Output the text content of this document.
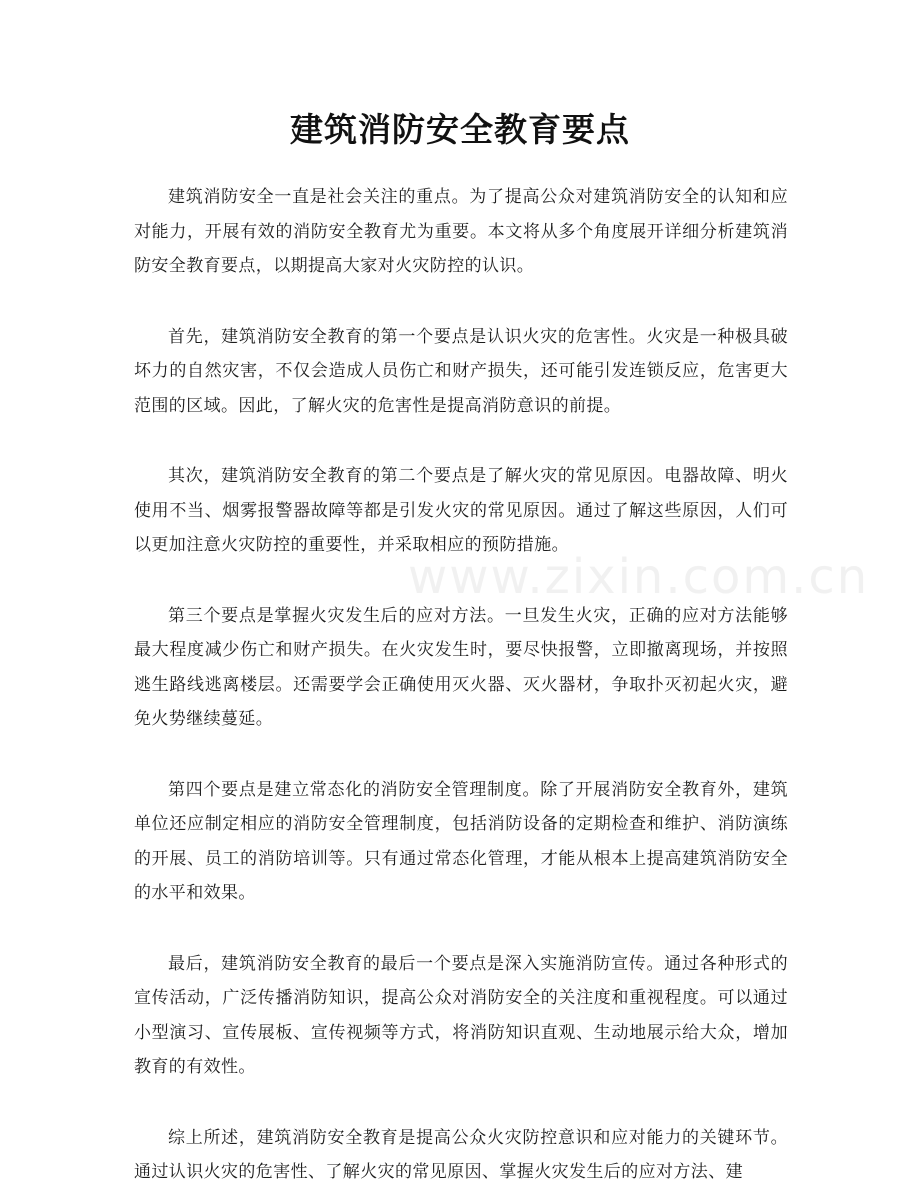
建筑消防安全教育要点

建筑消防安全一直是社会关注的重点。为了提高公众对建筑消防安全的认知和应对能力，开展有效的消防安全教育尤为重要。本文将从多个角度展开详细分析建筑消防安全教育要点，以期提高大家对火灾防控的认识。

首先，建筑消防安全教育的第一个要点是认识火灾的危害性。火灾是一种极具破坏力的自然灾害，不仅会造成人员伤亡和财产损失，还可能引发连锁反应，危害更大范围的区域。因此，了解火灾的危害性是提高消防意识的前提。

其次，建筑消防安全教育的第二个要点是了解火灾的常见原因。电器故障、明火使用不当、烟雾报警器故障等都是引发火灾的常见原因。通过了解这些原因，人们可以更加注意火灾防控的重要性，并采取相应的预防措施。

第三个要点是掌握火灾发生后的应对方法。一旦发生火灾，正确的应对方法能够最大程度减少伤亡和财产损失。在火灾发生时，要尽快报警，立即撤离现场，并按照逃生路线逃离楼层。还需要学会正确使用灭火器、灭火器材，争取扑灭初起火灾，避免火势继续蔓延。

第四个要点是建立常态化的消防安全管理制度。除了开展消防安全教育外，建筑单位还应制定相应的消防安全管理制度，包括消防设备的定期检查和维护、消防演练的开展、员工的消防培训等。只有通过常态化管理，才能从根本上提高建筑消防安全的水平和效果。

最后，建筑消防安全教育的最后一个要点是深入实施消防宣传。通过各种形式的宣传活动，广泛传播消防知识，提高公众对消防安全的关注度和重视程度。可以通过小型演习、宣传展板、宣传视频等方式，将消防知识直观、生动地展示给大众，增加教育的有效性。

综上所述，建筑消防安全教育是提高公众火灾防控意识和应对能力的关键环节。通过认识火灾的危害性、了解火灾的常见原因、掌握火灾发生后的应对方法、建

www.zixin.com.cn
